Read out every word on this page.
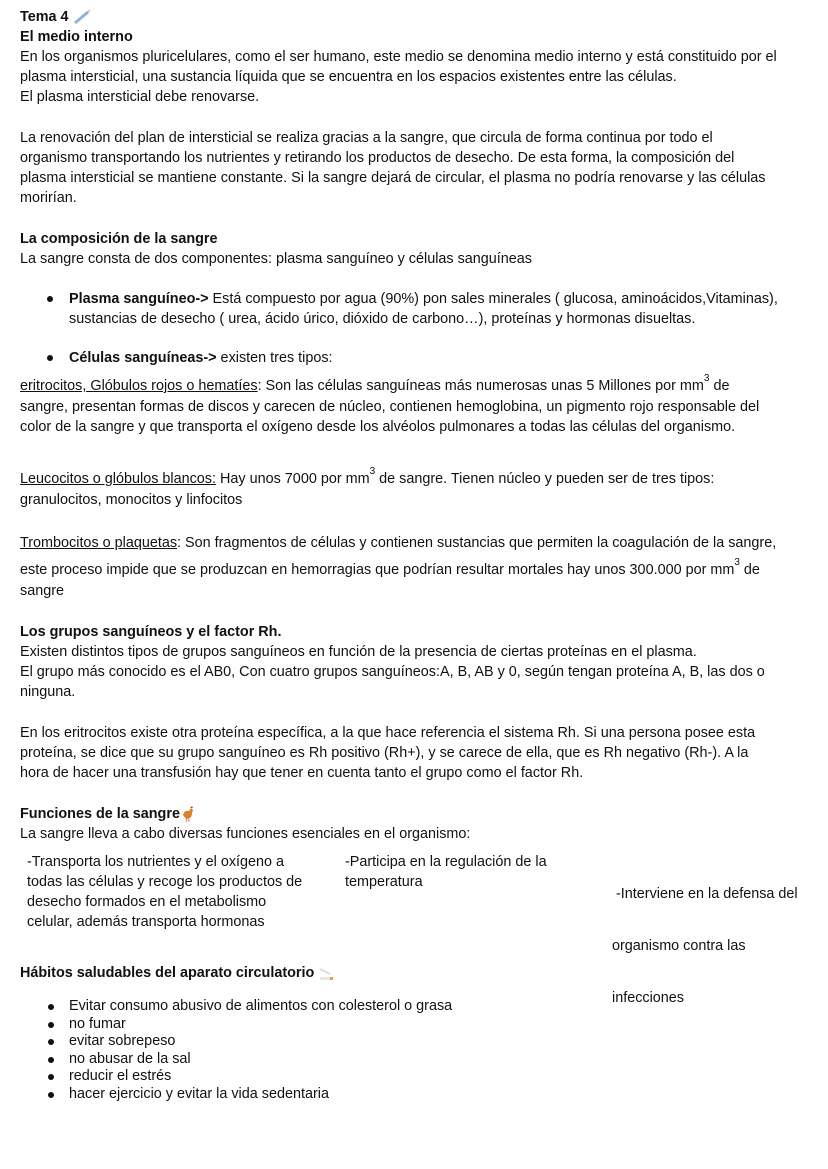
Tema 4
El medio interno
En los organismos pluricelulares, como el ser humano, este medio se denomina medio interno y está constituido por el
plasma intersticial, una sustancia líquida que se encuentra en los espacios existentes entre las células.
El plasma intersticial debe renovarse.
La renovación del plan de intersticial se realiza gracias a la sangre, que circula de forma continua por todo el
organismo transportando los nutrientes y retirando los productos de desecho. De esta forma, la composición del
plasma intersticial se mantiene constante. Si la sangre dejará de circular, el plasma no podría renovarse y las células
morirían.
La composición de la sangre
La sangre consta de dos componentes: plasma sanguíneo y células sanguíneas
Plasma sanguíneo-> Está compuesto por agua (90%) pon sales minerales ( glucosa, aminoácidos,Vitaminas),
sustancias de desecho ( urea, ácido úrico, dióxido de carbono…), proteínas y hormonas disueltas.
Células sanguíneas-> existen tres tipos:
eritrocitos, Glóbulos rojos o hematíes: Son las células sanguíneas más numerosas unas 5 Millones por $mm^3$ de
sangre, presentan formas de discos y carecen de núcleo, contienen hemoglobina, un pigmento rojo responsable del
color de la sangre y que transporta el oxígeno desde los alvéolos pulmonares a todas las células del organismo.
Leucocitos o glóbulos blancos: Hay unos 7000 por $mm^3$ de sangre. Tienen núcleo y pueden ser de tres tipos:
granulocitos, monocitos y linfocitos
Trombocitos o plaquetas: Son fragmentos de células y contienen sustancias que permiten la coagulación de la sangre,
este proceso impide que se produzcan en hemorragias que podrían resultar mortales hay unos 300.000 por $mm^3$ de
sangre
Los grupos sanguíneos y el factor Rh.
Existen distintos tipos de grupos sanguíneos en función de la presencia de ciertas proteínas en el plasma.
El grupo más conocido es el AB0, Con cuatro grupos sanguíneos:A, B, AB y 0, según tengan proteína A, B, las dos o
ninguna.
En los eritrocitos existe otra proteína específica, a la que hace referencia el sistema Rh. Si una persona posee esta
proteína, se dice que su grupo sanguíneo es Rh positivo (Rh+), y se carece de ella, que es Rh negativo (Rh-). A la
hora de hacer una transfusión hay que tener en cuenta tanto el grupo como el factor Rh.
Funciones de la sangre
La sangre lleva a cabo diversas funciones esenciales en el organismo:
-Transporta los nutrientes y el oxígeno a
todas las células y recoge los productos de
desecho formados en el metabolismo
celular, además transporta hormonas
-Participa en la regulación de la
temperatura

-Interviene en la defensa del

organismo contra las

infecciones

Hábitos saludables del aparato circulatorio
Evitar consumo abusivo de alimentos con colesterol o grasa
no fumar
evitar sobrepeso
no abusar de la sal
reducir el estrés
hacer ejercicio y evitar la vida sedentaria
